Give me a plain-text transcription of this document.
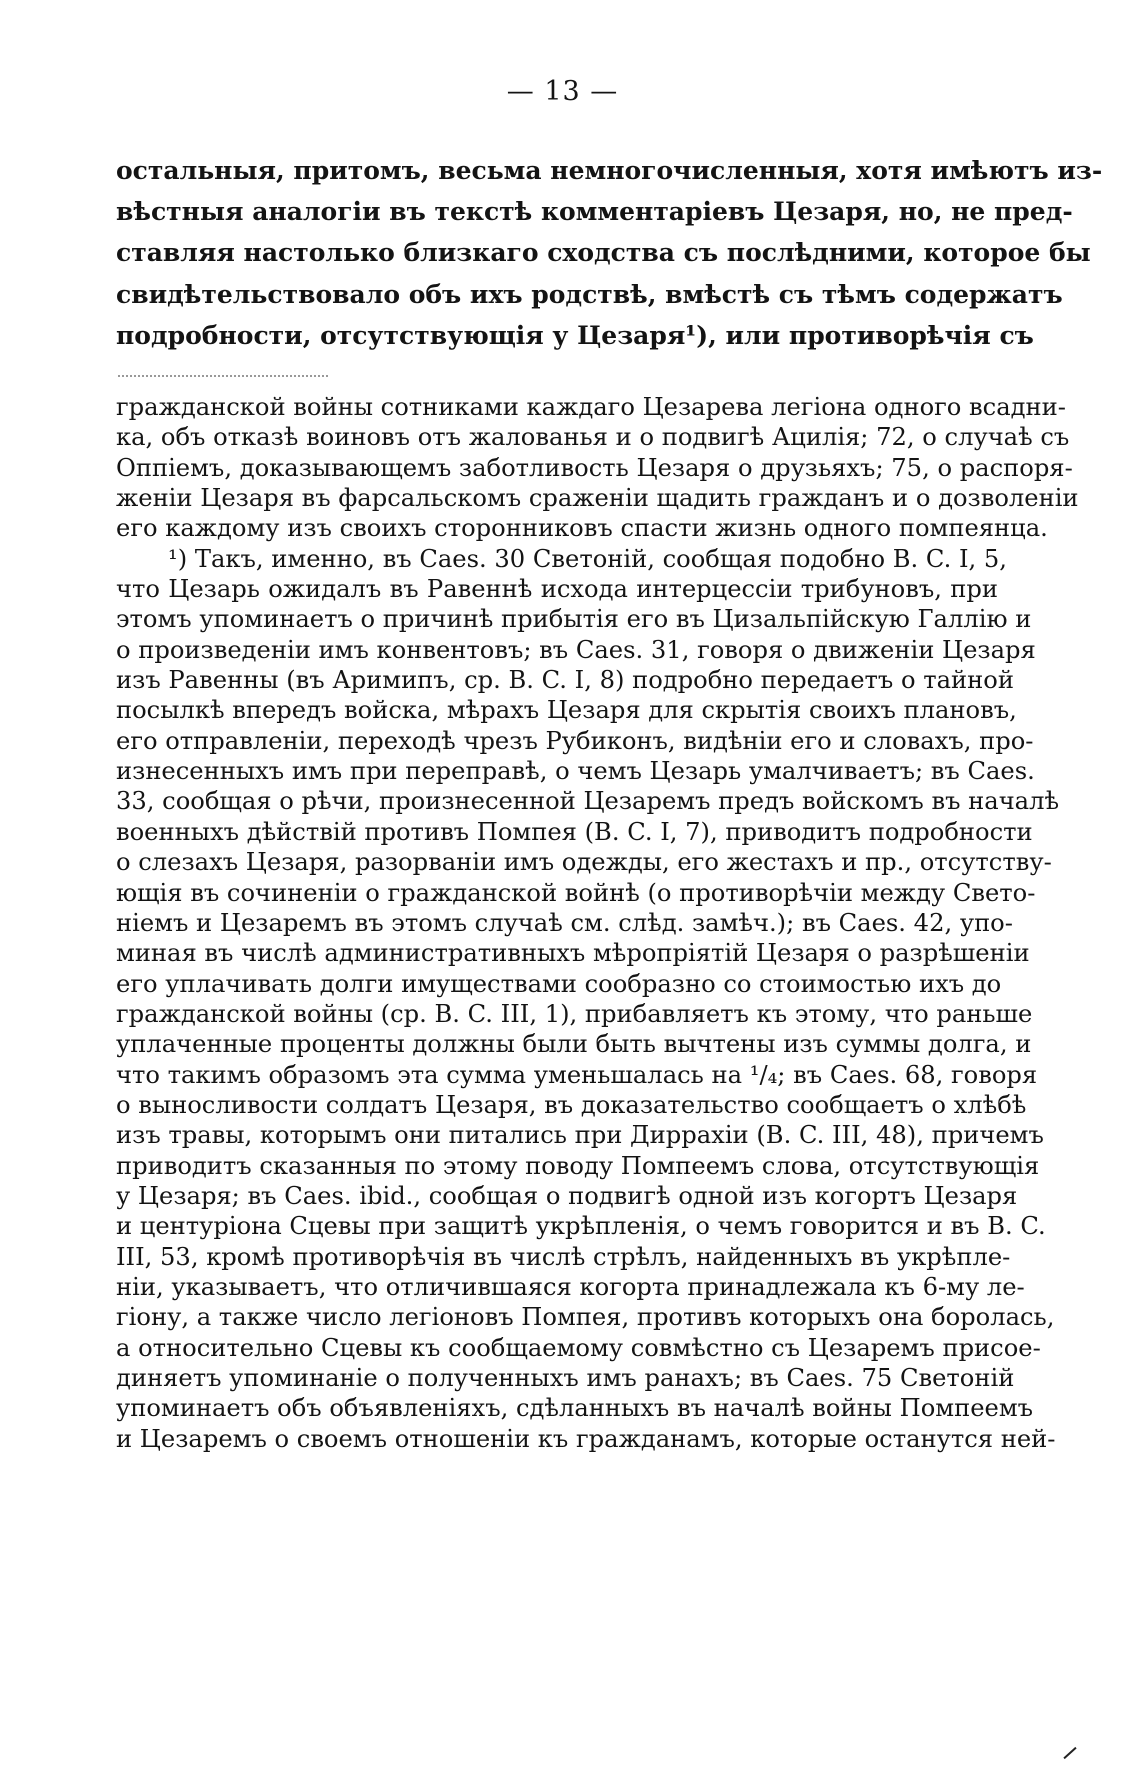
— 13 —
остальныя, притомъ, весьма немногочисленныя, хотя имѣютъ из-
вѣстныя аналогіи въ текстѣ комментаріевъ Цезаря, но, не пред-
ставляя настолько близкаго сходства съ послѣдними, которое бы
свидѣтельствовало объ ихъ родствѣ, вмѣстѣ съ тѣмъ содержатъ
подробности, отсутствующія у Цезаря¹), или противорѣчія съ
гражданской войны сотниками каждаго Цезарева легіона одного всадни-
ка, объ отказѣ воиновъ отъ жалованья и о подвигѣ Ацилія; 72, о случаѣ съ
Оппіемъ, доказывающемъ заботливость Цезаря о друзьяхъ; 75, о распоря-
женіи Цезаря въ фарсальскомъ сраженіи щадить гражданъ и о дозволеніи
его каждому изъ своихъ сторонниковъ спасти жизнь одного помпеянца.
¹) Такъ, именно, въ Caes. 30 Светоній, сообщая подобно B. C. I, 5,
что Цезарь ожидалъ въ Равеннѣ исхода интерцессіи трибуновъ, при
этомъ упоминаетъ о причинѣ прибытія его въ Цизальпійскую Галлію и
о произведеніи имъ конвентовъ; въ Caes. 31, говоря о движеніи Цезаря
изъ Равенны (въ Аримипъ, ср. B. C. I, 8) подробно передаетъ о тайной
посылкѣ впередъ войска, мѣрахъ Цезаря для скрытія своихъ плановъ,
его отправленіи, переходѣ чрезъ Рубиконъ, видѣніи его и словахъ, про-
изнесенныхъ имъ при переправѣ, о чемъ Цезарь умалчиваетъ; въ Caes.
33, сообщая о рѣчи, произнесенной Цезаремъ предъ войскомъ въ началѣ
военныхъ дѣйствій противъ Помпея (B. C. I, 7), приводитъ подробности
о слезахъ Цезаря, разорваніи имъ одежды, его жестахъ и пр., отсутству-
ющія въ сочиненіи о гражданской войнѣ (о противорѣчіи между Свето-
ніемъ и Цезаремъ въ этомъ случаѣ см. слѣд. замѣч.); въ Caes. 42, упо-
миная въ числѣ административныхъ мѣропріятій Цезаря о разрѣшеніи
его уплачивать долги имуществами сообразно со стоимостью ихъ до
гражданской войны (ср. B. C. III, 1), прибавляетъ къ этому, что раньше
уплаченные проценты должны были быть вычтены изъ суммы долга, и
что такимъ образомъ эта сумма уменьшалась на ¹/₄; въ Caes. 68, говоря
о выносливости солдатъ Цезаря, въ доказательство сообщаетъ о хлѣбѣ
изъ травы, которымъ они питались при Диррахіи (B. C. III, 48), причемъ
приводитъ сказанныя по этому поводу Помпеемъ слова, отсутствующія
у Цезаря; въ Caes. ibid., сообщая о подвигѣ одной изъ когортъ Цезаря
и центуріона Сцевы при защитѣ укрѣпленія, о чемъ говорится и въ B. C.
III, 53, кромѣ противорѣчія въ числѣ стрѣлъ, найденныхъ въ укрѣпле-
ніи, указываетъ, что отличившаяся когорта принадлежала къ 6-му ле-
гіону, а также число легіоновъ Помпея, противъ которыхъ она боролась,
а относительно Сцевы къ сообщаемому совмѣстно съ Цезаремъ присое-
диняетъ упоминаніе о полученныхъ имъ ранахъ; въ Caes. 75 Светоній
упоминаетъ объ объявленіяхъ, сдѣланныхъ въ началѣ войны Помпеемъ
и Цезаремъ о своемъ отношеніи къ гражданамъ, которые останутся ней-
